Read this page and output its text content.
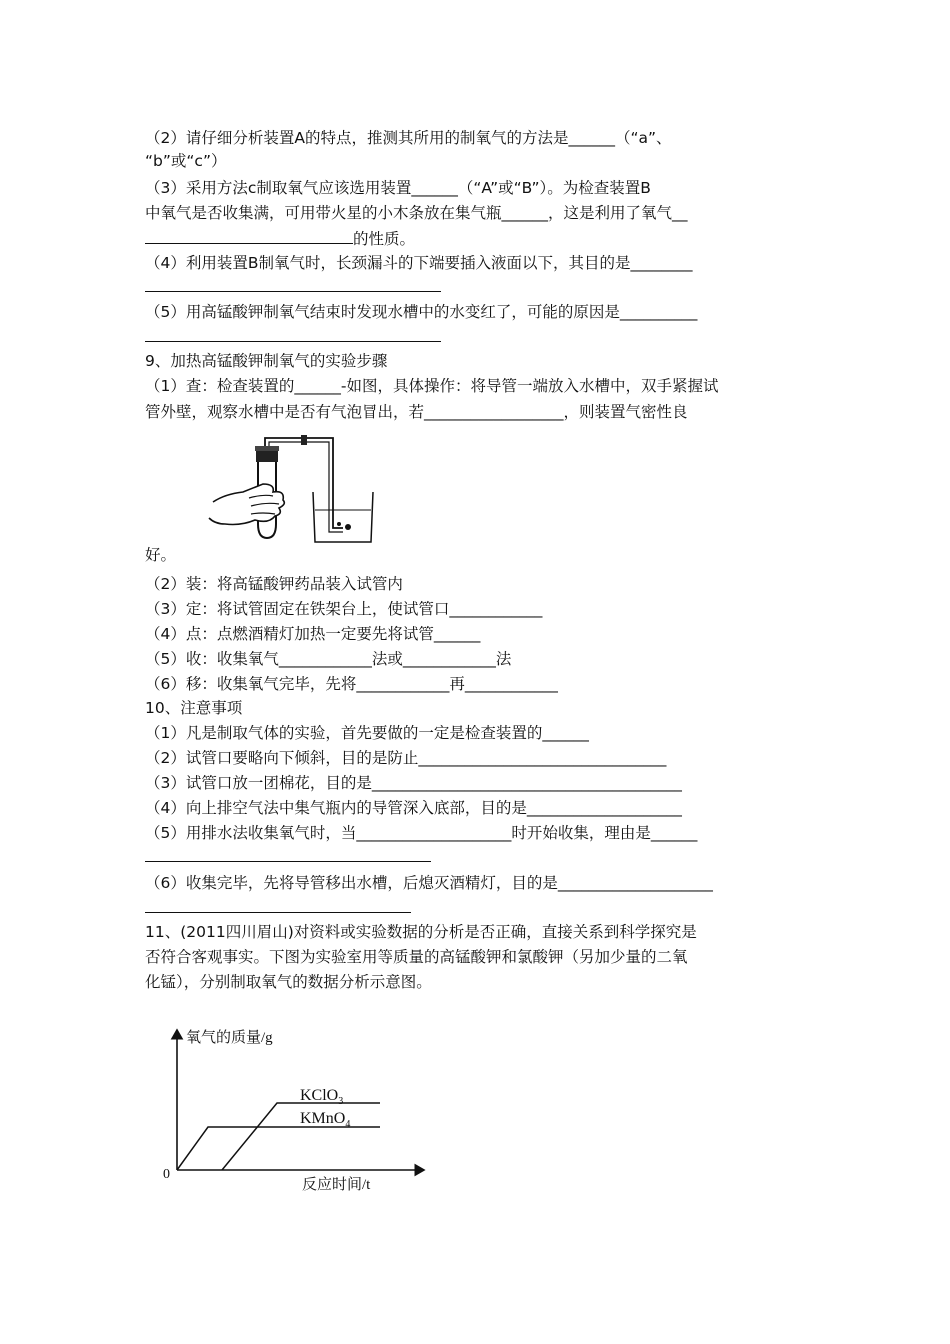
（2）请仔细分析装置A的特点，推测其所用的制氧气的方法是______（“a”、
“b”或“c”）
（3）采用方法c制取氧气应该选用装置______（“A”或“B”）。为检查装置B
中氧气是否收集满，可用带火星的小木条放在集气瓶______，这是利用了氧气__
的性质。
（4）利用装置B制氧气时，长颈漏斗的下端要插入液面以下，其目的是________
（5）用高锰酸钾制氧气结束时发现水槽中的水变红了，可能的原因是__________
9、加热高锰酸钾制氧气的实验步骤
（1）查：检查装置的______-如图，具体操作：将导管一端放入水槽中，双手紧握试
管外壁，观察水槽中是否有气泡冒出，若__________________，则装置气密性良
好。
（2）装：将高锰酸钾药品装入试管内
（3）定：将试管固定在铁架台上，使试管口____________
（4）点：点燃酒精灯加热一定要先将试管______
（5）收：收集氧气____________法或____________法
（6）移：收集氧气完毕，先将____________再____________
10、注意事项
（1）凡是制取气体的实验，首先要做的一定是检查装置的______
（2）试管口要略向下倾斜，目的是防止________________________________
（3）试管口放一团棉花，目的是________________________________________
（4）向上排空气法中集气瓶内的导管深入底部，目的是____________________
（5）用排水法收集氧气时，当____________________时开始收集，理由是______
（6）收集完毕，先将导管移出水槽，后熄灭酒精灯，目的是____________________
11、(2011四川眉山)对资料或实验数据的分析是否正确，直接关系到科学探究是
否符合客观事实。下图为实验室用等质量的高锰酸钾和氯酸钾（另加少量的二氧
化锰），分别制取氧气的数据分析示意图。
氧气的质量/g
反应时间/t
0
KClO$_3$
KMnO$_4$
